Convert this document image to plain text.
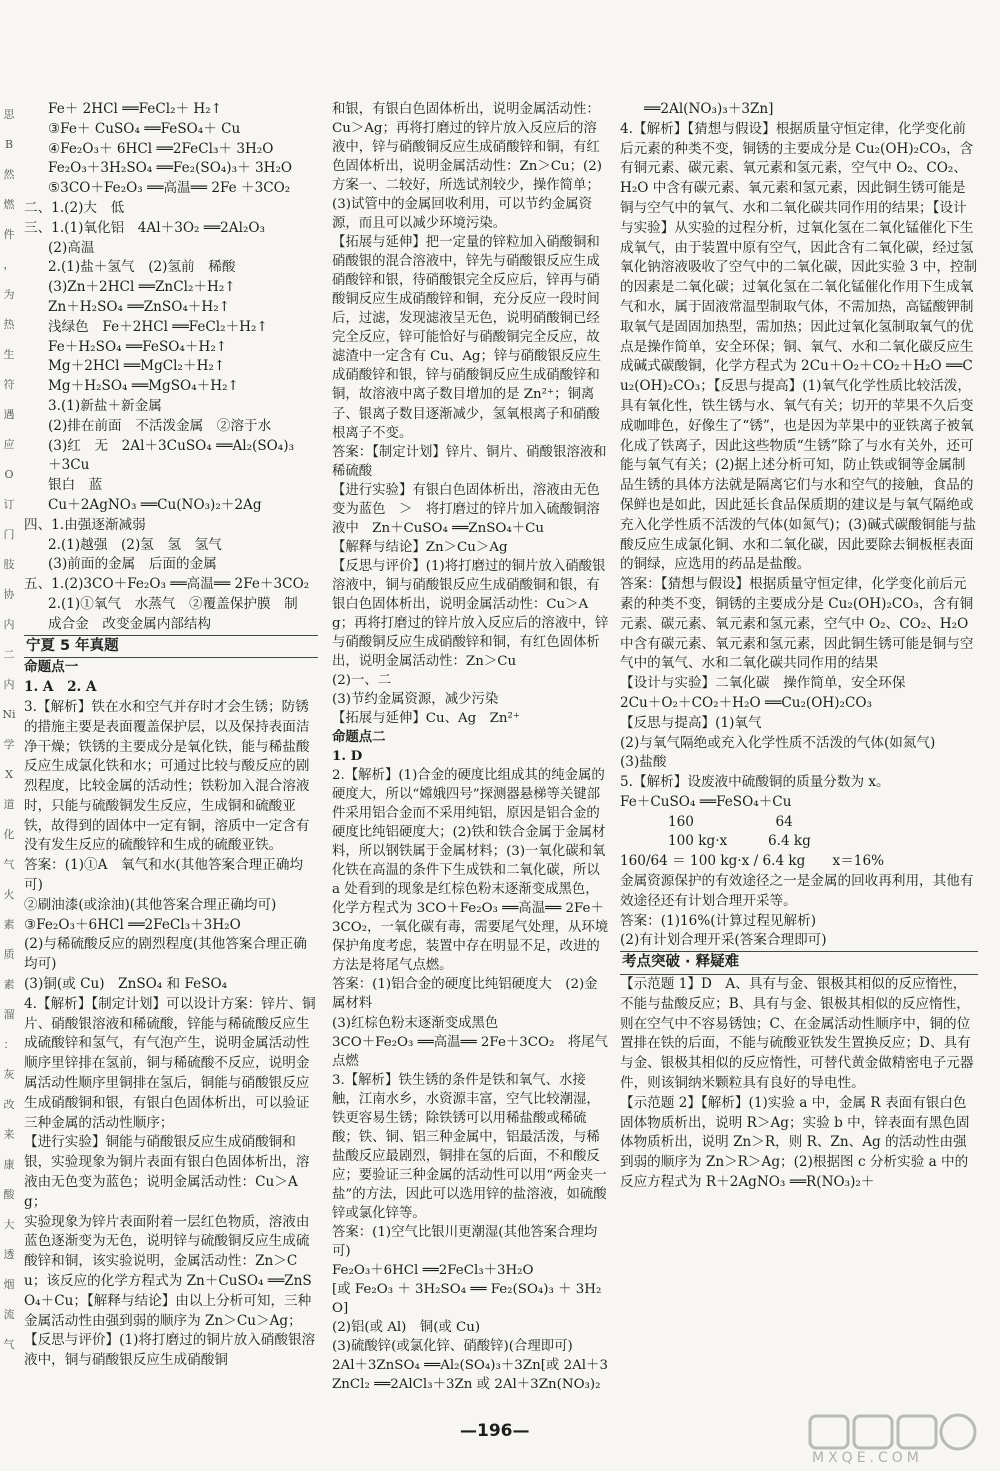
思
B
然
燃
件
，
为
热
生
符
遇
应
O
订
门
肢
协
内
二
内
Ni
学
X
道
化
气
火
素
质
素
溜
：
灰
改
来
康
酸
大
透
烟
流
气

Fe＋ 2HCl ══FeCl₂＋ H₂↑

③Fe＋ CuSO₄ ══FeSO₄＋ Cu

④Fe₂O₃＋ 6HCl ══2FeCl₃＋ 3H₂O

Fe₂O₃＋3H₂SO₄ ══Fe₂(SO₄)₃＋ 3H₂O

⑤3CO＋Fe₂O₃ ══高温══ 2Fe ＋3CO₂

二、1.(2)大　低

三、1.(1)氧化铝　4Al＋3O₂ ══2Al₂O₃

(2)高温

2.(1)盐＋氢气　(2)氢前　稀酸

(3)Zn＋2HCl ══ZnCl₂＋H₂↑

Zn＋H₂SO₄ ══ZnSO₄＋H₂↑

浅绿色　Fe＋2HCl ══FeCl₂＋H₂↑

Fe＋H₂SO₄ ══FeSO₄＋H₂↑

Mg＋2HCl ══MgCl₂＋H₂↑

Mg＋H₂SO₄ ══MgSO₄＋H₂↑

3.(1)新盐＋新金属

(2)排在前面　不活泼金属　②溶于水

(3)红　无　2Al＋3CuSO₄ ══Al₂(SO₄)₃

＋3Cu

银白　蓝

Cu＋2AgNO₃ ══Cu(NO₃)₂＋2Ag

四、1.由强逐渐减弱

2.(1)越强　(2)氢　氢　氢气

(3)前面的金属　后面的金属

五、1.(2)3CO＋Fe₂O₃ ══高温══ 2Fe＋3CO₂

2.(1)①氧气　水蒸气　②覆盖保护膜　制

成合金　改变金属内部结构

宁夏 5 年真题

命题点一

1. A　2. A

3.【解析】铁在水和空气并存时才会生锈；防锈的措施主要是表面覆盖保护层，以及保持表面洁净干燥；铁锈的主要成分是氧化铁，能与稀盐酸反应生成氯化铁和水；可通过比较与酸反应的剧烈程度，比较金属的活动性；铁粉加入混合溶液时，只能与硫酸铜发生反应，生成铜和硫酸亚铁，故得到的固体中一定有铜，溶质中一定含有没有发生反应的硫酸锌和生成的硫酸亚铁。

答案：(1)①A　氧气和水(其他答案合理正确均可)

②刷油漆(或涂油)(其他答案合理正确均可)

③Fe₂O₃＋6HCl ══2FeCl₃＋3H₂O

(2)与稀硫酸反应的剧烈程度(其他答案合理正确均可)

(3)铜(或 Cu)　ZnSO₄ 和 FeSO₄

4.【解析】【制定计划】可以设计方案：锌片、铜片、硝酸银溶液和稀硫酸，锌能与稀硫酸反应生成硫酸锌和氢气，有气泡产生，说明金属活动性顺序里锌排在氢前，铜与稀硫酸不反应，说明金属活动性顺序里铜排在氢后，铜能与硝酸银反应生成硝酸铜和银，有银白色固体析出，可以验证三种金属的活动性顺序；

【进行实验】铜能与硝酸银反应生成硝酸铜和银，实验现象为铜片表面有银白色固体析出，溶液由无色变为蓝色；说明金属活动性：Cu＞Ag；

实验现象为锌片表面附着一层红色物质，溶液由蓝色逐渐变为无色，说明锌与硫酸铜反应生成硫酸锌和铜，该实验说明，金属活动性：Zn＞Cu；该反应的化学方程式为 Zn＋CuSO₄ ══ZnSO₄＋Cu；【解释与结论】由以上分析可知，三种金属活动性由强到弱的顺序为 Zn＞Cu＞Ag；【反思与评价】(1)将打磨过的铜片放入硝酸银溶液中，铜与硝酸银反应生成硝酸铜

和银，有银白色固体析出，说明金属活动性：Cu＞Ag；再将打磨过的锌片放入反应后的溶液中，锌与硝酸铜反应生成硝酸锌和铜，有红色固体析出，说明金属活动性：Zn＞Cu；(2)方案一、二较好，所选试剂较少，操作简单；(3)试管中的金属回收利用，可以节约金属资源，而且可以减少环境污染。

【拓展与延伸】把一定量的锌粒加入硝酸铜和硝酸银的混合溶液中，锌先与硝酸银反应生成硝酸锌和银，待硝酸银完全反应后，锌再与硝酸铜反应生成硝酸锌和铜，充分反应一段时间后，过滤，发现滤液呈无色，说明硝酸铜已经完全反应，锌可能恰好与硝酸铜完全反应，故滤渣中一定含有 Cu、Ag；锌与硝酸银反应生成硝酸锌和银，锌与硝酸铜反应生成硝酸锌和铜，故溶液中离子数目增加的是 Zn²⁺；铜离子、银离子数目逐渐减少，氢氧根离子和硝酸根离子不变。

答案：【制定计划】锌片、铜片、硝酸银溶液和稀硫酸

【进行实验】有银白色固体析出，溶液由无色变为蓝色　＞　将打磨过的锌片加入硫酸铜溶液中　Zn＋CuSO₄ ══ZnSO₄＋Cu

【解释与结论】Zn＞Cu＞Ag

【反思与评价】(1)将打磨过的铜片放入硝酸银溶液中，铜与硝酸银反应生成硝酸铜和银，有银白色固体析出，说明金属活动性：Cu＞Ag；再将打磨过的锌片放入反应后的溶液中，锌与硝酸铜反应生成硝酸锌和铜，有红色固体析出，说明金属活动性：Zn＞Cu

(2)一、二

(3)节约金属资源，减少污染

【拓展与延伸】Cu、Ag　Zn²⁺

命题点二

1. D

2.【解析】(1)合金的硬度比组成其的纯金属的硬度大，所以“嫦娥四号”探测器悬梯等关键部件采用铝合金而不采用纯铝，原因是铝合金的硬度比纯铝硬度大；(2)铁和铁合金属于金属材料，所以钢铁属于金属材料；(3)一氧化碳和氧化铁在高温的条件下生成铁和二氧化碳，所以 a 处看到的现象是红棕色粉末逐渐变成黑色，化学方程式为 3CO＋Fe₂O₃ ══高温══ 2Fe＋3CO₂，一氧化碳有毒，需要尾气处理，从环境保护角度考虑，装置中存在明显不足，改进的方法是将尾气点燃。

答案：(1)铝合金的硬度比纯铝硬度大　(2)金属材料

(3)红棕色粉末逐渐变成黑色

3CO＋Fe₂O₃ ══高温══ 2Fe＋3CO₂　将尾气点燃

3.【解析】铁生锈的条件是铁和氧气、水接触，江南水乡，水资源丰富，空气比较潮湿，铁更容易生锈；除铁锈可以用稀盐酸或稀硫酸；铁、铜、铝三种金属中，铝最活泼，与稀盐酸反应最剧烈，铜排在氢的后面，不和酸反应；要验证三种金属的活动性可以用“两金夹一盐”的方法，因此可以选用锌的盐溶液，如硫酸锌或氯化锌等。

答案：(1)空气比银川更潮湿(其他答案合理均可)

Fe₂O₃＋6HCl ══2FeCl₃＋3H₂O

[或 Fe₂O₃ ＋ 3H₂SO₄ ══ Fe₂(SO₄)₃ ＋ 3H₂O]

(2)铝(或 Al)　铜(或 Cu)

(3)硫酸锌(或氯化锌、硝酸锌)(合理即可)

2Al＋3ZnSO₄ ══Al₂(SO₄)₃＋3Zn[或 2Al＋3ZnCl₂ ══2AlCl₃＋3Zn 或 2Al＋3Zn(NO₃)₂

══2Al(NO₃)₃＋3Zn]

4.【解析】【猜想与假设】根据质量守恒定律，化学变化前后元素的种类不变，铜锈的主要成分是 Cu₂(OH)₂CO₃，含有铜元素、碳元素、氧元素和氢元素，空气中 O₂、CO₂、H₂O 中含有碳元素、氧元素和氢元素，因此铜生锈可能是铜与空气中的氧气、水和二氧化碳共同作用的结果；【设计与实验】从实验的过程分析，过氧化氢在二氧化锰催化下生成氧气，由于装置中原有空气，因此含有二氧化碳，经过氢氧化钠溶液吸收了空气中的二氧化碳，因此实验 3 中，控制的因素是二氧化碳；过氧化氢在二氧化锰催化作用下生成氧气和水，属于固液常温型制取气体，不需加热，高锰酸钾制取氧气是固固加热型，需加热；因此过氧化氢制取氧气的优点是操作简单，安全环保；铜、氧气、水和二氧化碳反应生成碱式碳酸铜，化学方程式为 2Cu＋O₂＋CO₂＋H₂O ══Cu₂(OH)₂CO₃；【反思与提高】(1)氧气化学性质比较活泼，具有氧化性，铁生锈与水、氧气有关；切开的苹果不久后变成咖啡色，好像生了“锈”，也是因为苹果中的亚铁离子被氧化成了铁离子，因此这些物质“生锈”除了与水有关外，还可能与氧气有关；(2)据上述分析可知，防止铁或铜等金属制品生锈的具体方法就是隔离它们与水和空气的接触，食品的保鲜也是如此，因此延长食品保质期的建议是与氧气隔绝或充入化学性质不活泼的气体(如氮气)；(3)碱式碳酸铜能与盐酸反应生成氯化铜、水和二氧化碳，因此要除去铜板框表面的铜绿，应选用的药品是盐酸。

答案：【猜想与假设】根据质量守恒定律，化学变化前后元素的种类不变，铜锈的主要成分是 Cu₂(OH)₂CO₃，含有铜元素、碳元素、氧元素和氢元素，空气中 O₂、CO₂、H₂O 中含有碳元素、氧元素和氢元素，因此铜生锈可能是铜与空气中的氧气、水和二氧化碳共同作用的结果

【设计与实验】二氧化碳　操作简单，安全环保

2Cu＋O₂＋CO₂＋H₂O ══Cu₂(OH)₂CO₃

【反思与提高】(1)氧气

(2)与氧气隔绝或充入化学性质不活泼的气体(如氮气)

(3)盐酸

5.【解析】设废液中硫酸铜的质量分数为 x。

Fe＋CuSO₄ ══FeSO₄＋Cu

160　　　　　　64

100 kg·x　　　6.4 kg

160/64 ＝ 100 kg·x / 6.4 kg　　x＝16%

金属资源保护的有效途径之一是金属的回收再利用，其他有效途径还有计划合理开采等。

答案：(1)16%(计算过程见解析)

(2)有计划合理开采(答案合理即可)

考点突破 · 释疑难

【示范题 1】D　A、具有与金、银极其相似的反应惰性，不能与盐酸反应；B、具有与金、银极其相似的反应惰性，则在空气中不容易锈蚀；C、在金属活动性顺序中，铜的位置排在铁的后面，不能与硫酸亚铁发生置换反应；D、具有与金、银极其相似的反应惰性，可替代黄金做精密电子元器件，则该铜纳米颗粒具有良好的导电性。

【示范题 2】【解析】(1)实验 a 中，金属 R 表面有银白色固体物质析出，说明 R＞Ag；实验 b 中，锌表面有黑色固体物质析出，说明 Zn＞R，则 R、Zn、Ag 的活动性由强到弱的顺序为 Zn＞R＞Ag；(2)根据图 c 分析实验 a 中的反应方程式为 R＋2AgNO₃ ══R(NO₃)₂＋

—196—
MXQE.COM
